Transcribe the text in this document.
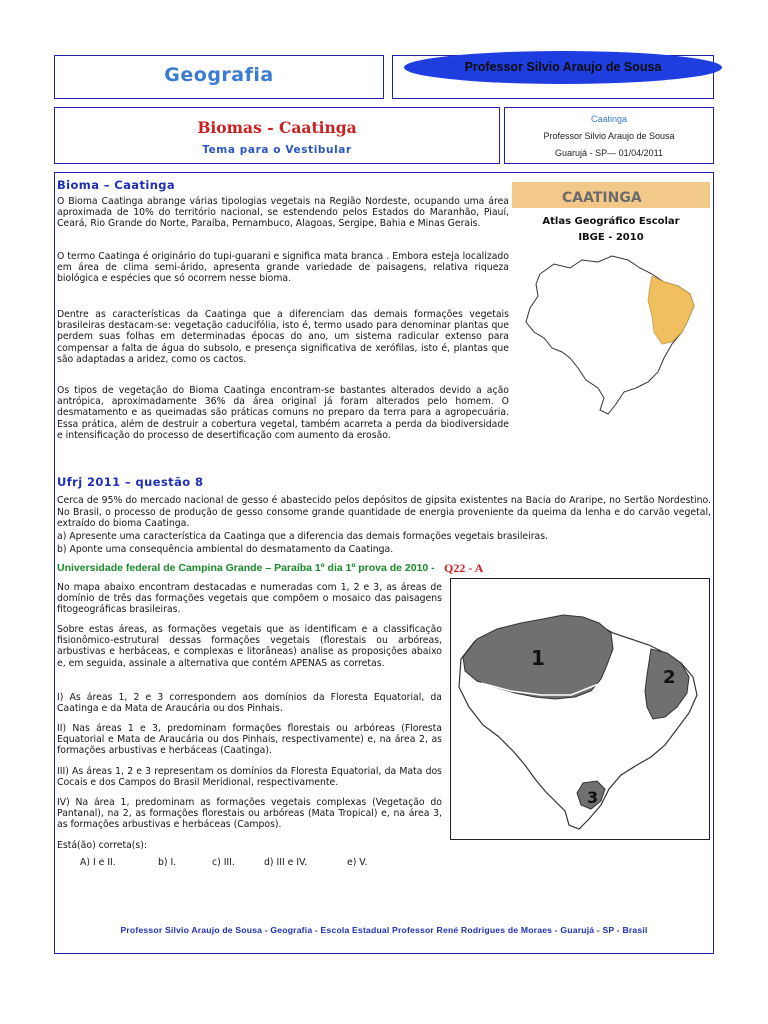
Geografia	Professor Silvio Araujo de Sousa
Biomas - Caatinga
Tema para o Vestibular
Caatinga
Professor Silvio Araujo de Sousa
Guarujá - SP— 01/04/2011
Bioma – Caatinga
O Bioma Caatinga abrange várias tipologias vegetais na Região Nordeste, ocupando uma área aproximada de 10% do território nacional, se estendendo pelos Estados do Maranhão, Piauí, Ceará, Rio Grande do Norte, Paraíba, Pernambuco, Alagoas, Sergipe, Bahia e Minas Gerais.
O termo Caatinga é originário do tupi-guarani e significa mata branca . Embora esteja localizado em área de clima semi-árido, apresenta grande variedade de paisagens, relativa riqueza biológica e espécies que só ocorrem nesse bioma.
Dentre as características da Caatinga que a diferenciam das demais formações vegetais brasileiras destacam-se: vegetação caducifólia, isto é, termo usado para denominar plantas que perdem suas folhas em determinadas épocas do ano, um sistema radicular extenso para compensar a falta de água do subsolo, e presença significativa de xerófilas, isto é, plantas que são adaptadas a aridez, como os cactos.
Os tipos de vegetação do Bioma Caatinga encontram-se bastantes alterados devido a ação antrópica, aproximadamente 36% da área original já foram alterados pelo homem. O desmatamento e as queimadas são práticas comuns no preparo da terra para a agropecuária. Essa prática, além de destruir a cobertura vegetal, também acarreta a perda da biodiversidade e intensificação do processo de desertificação com aumento da erosão.
CAATINGA
Atlas Geográfico Escolar
IBGE - 2010
Ufrj 2011 – questão 8
Cerca de 95% do mercado nacional de gesso é abastecido pelos depósitos de gipsita existentes na Bacia do Araripe, no Sertão Nordestino. No Brasil, o processo de produção de gesso consome grande quantidade de energia proveniente da queima da lenha e do carvão vegetal, extraído do bioma Caatinga.
a) Apresente uma característica da Caatinga que a diferencia das demais formações vegetais brasileiras.
b) Aponte uma consequência ambiental do desmatamento da Caatinga.
Universidade federal de Campina Grande – Paraíba 1º dia 1º prova de 2010 - Q22 - A
No mapa abaixo encontram destacadas e numeradas com 1, 2 e 3, as áreas de domínio de três das formações vegetais que compõem o mosaico das paisagens fitogeográficas brasileiras.
Sobre estas áreas, as formações vegetais que as identificam e a classificação fisionômico-estrutural dessas formações vegetais (florestais ou arbóreas, arbustivas e herbáceas, e complexas e litorâneas) analise as proposições abaixo e, em seguida, assinale a alternativa que contém APENAS as corretas.
I) As áreas 1, 2 e 3 correspondem aos domínios da Floresta Equatorial, da Caatinga e da Mata de Araucária ou dos Pinhais.
II) Nas áreas 1 e 3, predominam formações florestais ou arbóreas (Floresta Equatorial e Mata de Araucária ou dos Pinhais, respectivamente) e, na área 2, as formações arbustivas e herbáceas (Caatinga).
III) As áreas 1, 2 e 3 representam os domínios da Floresta Equatorial, da Mata dos Cocais e dos Campos do Brasil Meridional, respectivamente.
IV) Na área 1, predominam as formações vegetais complexas (Vegetação do Pantanal), na 2, as formações florestais ou arbóreas (Mata Tropical) e, na área 3, as formações arbustivas e herbáceas (Campos).
Está(ão) correta(s):
A) I e II.	b) I.	c) III.	d) III e IV.	e) V.
1
2
3
Professor Silvio Araujo de Sousa - Geografia - Escola Estadual Professor René Rodrigues de Moraes - Guarujá - SP - Brasil
